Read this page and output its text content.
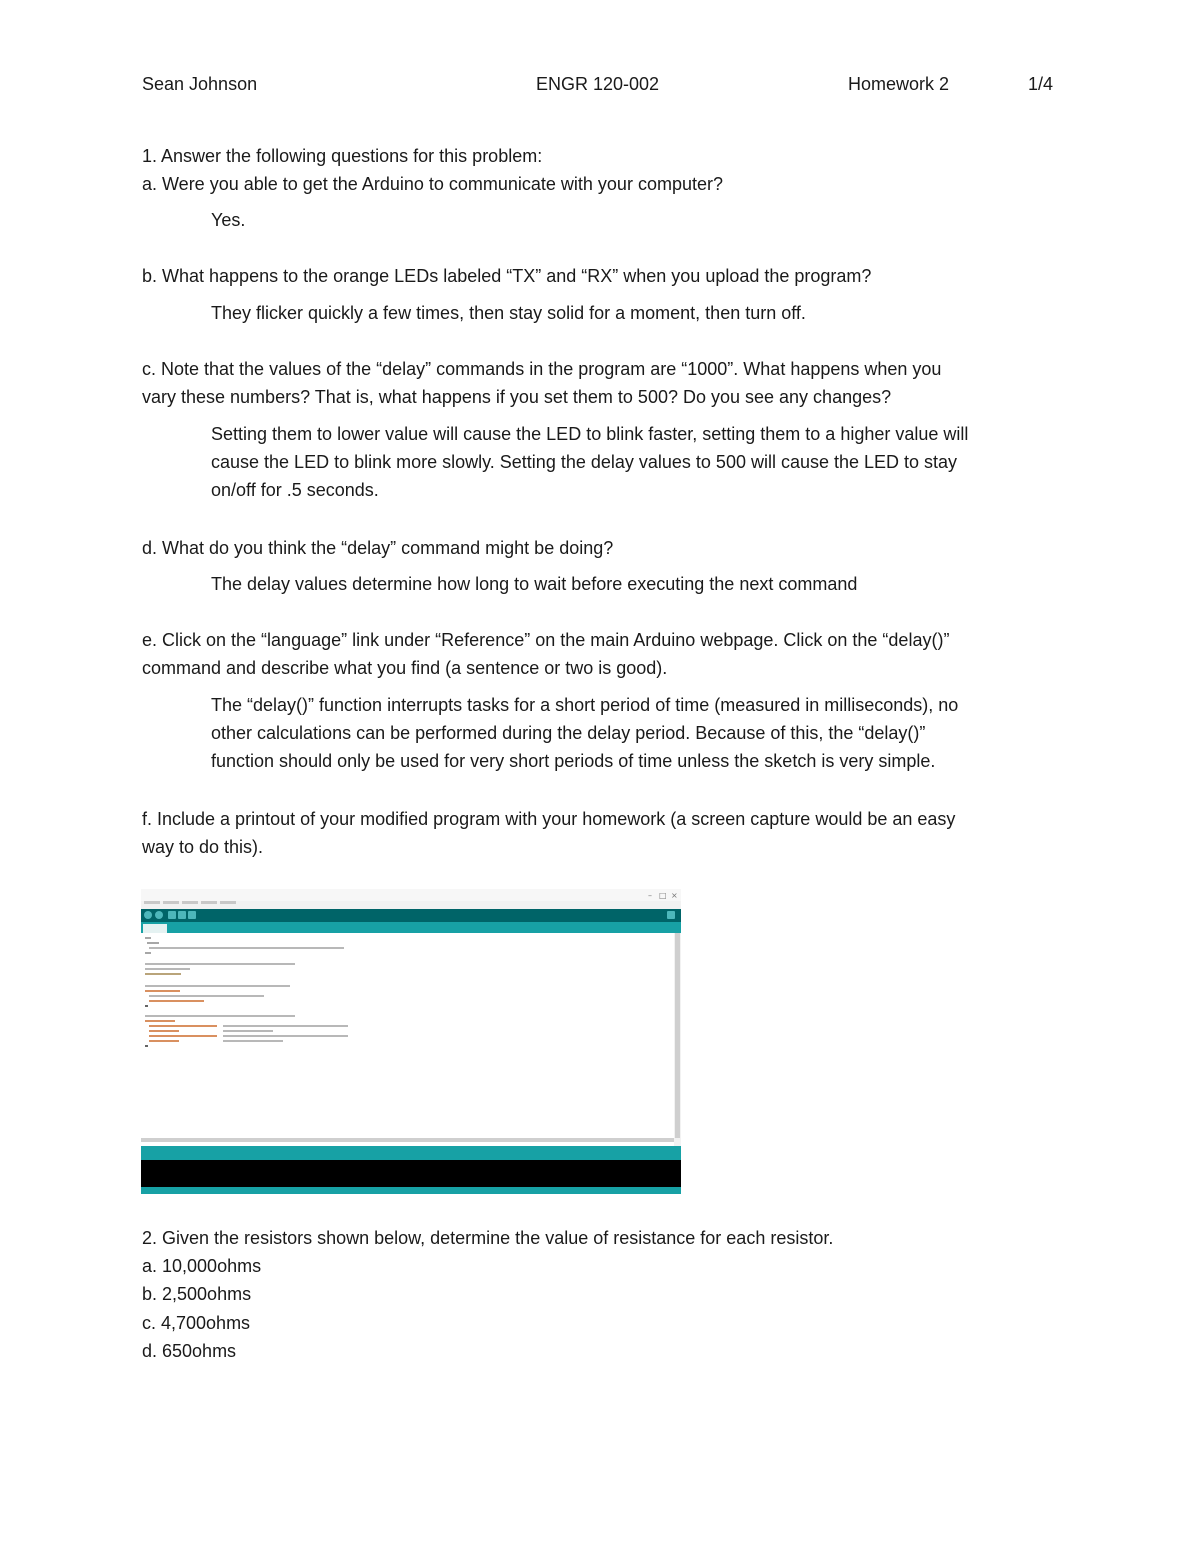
Sean Johnson	ENGR 120-002	Homework 2	1/4
1. Answer the following questions for this problem:
a. Were you able to get the Arduino to communicate with your computer?
Yes.
b. What happens to the orange LEDs labeled “TX” and “RX” when you upload the program?
They flicker quickly a few times, then stay solid for a moment, then turn off.
c. Note that the values of the “delay” commands in the program are “1000”. What happens when you
vary these numbers? That is, what happens if you set them to 500? Do you see any changes?
Setting them to lower value will cause the LED to blink faster, setting them to a higher value will
cause the LED to blink more slowly. Setting the delay values to 500 will cause the LED to stay
on/off for .5 seconds.
d. What do you think the “delay” command might be doing?
The delay values determine how long to wait before executing the next command
e. Click on the “language” link under “Reference” on the main Arduino webpage. Click on the “delay()”
command and describe what you find (a sentence or two is good).
The “delay()” function interrupts tasks for a short period of time (measured in milliseconds), no
other calculations can be performed during the delay period. Because of this, the “delay()”
function should only be used for very short periods of time unless the sketch is very simple.
f. Include a printout of your modified program with your homework (a screen capture would be an easy
way to do this).
– □ ×
2. Given the resistors shown below, determine the value of resistance for each resistor.
a. 10,000ohms
b. 2,500ohms
c. 4,700ohms
d. 650ohms
